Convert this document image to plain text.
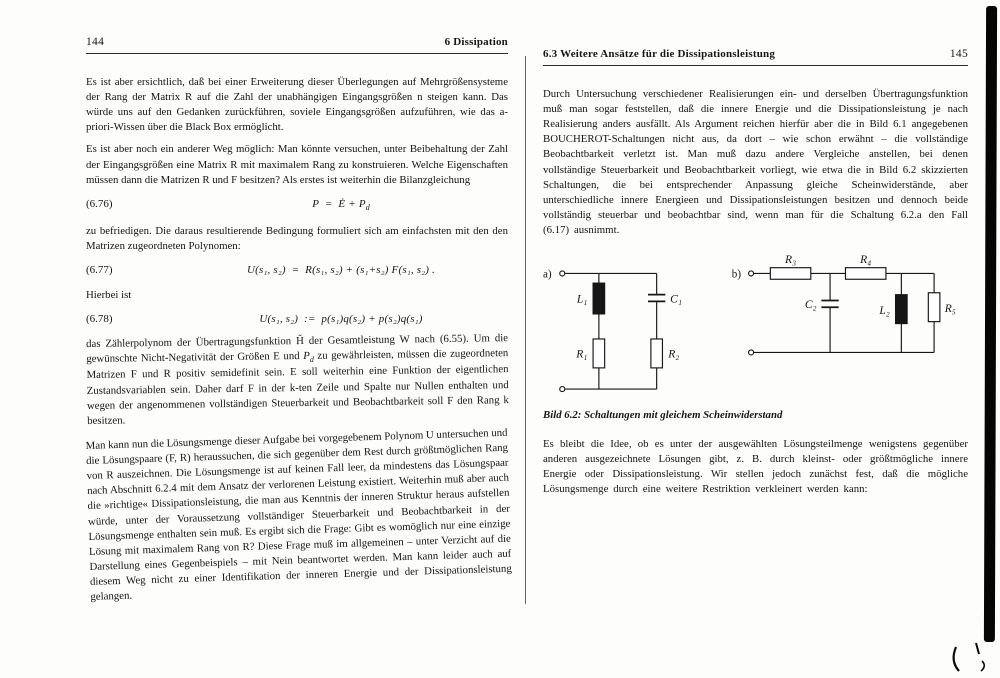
144	6 Dissipation

Es ist aber ersichtlich, daß bei einer Erweiterung dieser Überlegungen auf Mehrgrößensysteme der Rang der Matrix R auf die Zahl der unabhängigen Eingangsgrößen n steigen kann. Das würde uns auf den Gedanken zurückführen, soviele Eingangsgrößen aufzuführen, wie das a-priori-Wissen über die Black Box ermöglicht.

Es ist aber noch ein anderer Weg möglich: Man könnte versuchen, unter Beibehaltung der Zahl der Eingangsgrößen eine Matrix R mit maximalem Rang zu konstruieren. Welche Eigenschaften müssen dann die Matrizen R und F besitzen? Als erstes ist weiterhin die Bilanzgleichung

(6.76)	P  =  Ė + $P_d$

zu befriedigen. Die daraus resultierende Bedingung formuliert sich am einfachsten mit den den Matrizen zugeordneten Polynomen:

(6.77)	U(s₁, s₂)  =  R(s₁, s₂) + (s₁+s₂) F(s₁, s₂) .

Hierbei ist

(6.78)	U(s₁, s₂)  :=  p(s₁)q(s₂) + p(s₂)q(s₁)

das Zählerpolynom der Übertragungsfunktion H̃ der Gesamtleistung W nach (6.55). Um die gewünschte Nicht-Negativität der Größen E und $P_d$ zu gewährleisten, müssen die zugeordneten Matrizen F und R positiv semidefinit sein. E soll weiterhin eine Funktion der eigentlichen Zustandsvariablen sein. Daher darf F in der k-ten Zeile und Spalte nur Nullen enthalten und wegen der angenommenen vollständigen Steuerbarkeit und Beobachtbarkeit soll F den Rang k besitzen.

Man kann nun die Lösungsmenge dieser Aufgabe bei vorgegebenem Polynom U untersuchen und die Lösungspaare (F, R) heraussuchen, die sich gegenüber dem Rest durch größtmöglichen Rang von R auszeichnen. Die Lösungsmenge ist auf keinen Fall leer, da mindestens das Lösungspaar nach Abschnitt 6.2.4 mit dem Ansatz der verlorenen Leistung existiert. Weiterhin muß aber auch die »richtige« Dissipationsleistung, die man aus Kenntnis der inneren Struktur heraus aufstellen würde, unter der Voraussetzung vollständiger Steuerbarkeit und Beobachtbarkeit in der Lösungsmenge enthalten sein muß. Es ergibt sich die Frage: Gibt es womöglich nur eine einzige Lösung mit maximalem Rang von R? Diese Frage muß im allgemeinen – unter Verzicht auf die Darstellung eines Gegenbeispiels – mit Nein beantwortet werden. Man kann leider auch auf diesem Weg nicht zu einer Identifikation der inneren Energie und der Dissipationsleistung gelangen.

6.3 Weitere Ansätze für die Dissipationsleistung	145

Durch Untersuchung verschiedener Realisierungen ein- und derselben Übertragungsfunktion muß man sogar feststellen, daß die innere Energie und die Dissipationsleistung je nach Realisierung anders ausfällt. Als Argument reichen hierfür aber die in Bild 6.1 angegebenen BOUCHEROT-Schaltungen nicht aus, da dort – wie schon erwähnt – die vollständige Beobachtbarkeit verletzt ist. Man muß dazu andere Vergleiche anstellen, bei denen vollständige Steuerbarkeit und Beobachtbarkeit vorliegt, wie etwa die in Bild 6.2 skizzierten Schaltungen, die bei entsprechender Anpassung gleiche Scheinwiderstände, aber unterschiedliche innere Energieen und Dissipationsleistungen besitzen und dennoch beide vollständig steuerbar und beobachtbar sind, wenn man für die Schaltung 6.2.a den Fall (6.17) ausnimmt.

a)
L₁	C₁
R₁	R₂
b)
R₃	R₄
C₂	L₂	R₅
Bild 6.2: Schaltungen mit gleichem Scheinwiderstand

Es bleibt die Idee, ob es unter der ausgewählten Lösungsteilmenge wenigstens gegenüber anderen ausgezeichnete Lösungen gibt, z. B. durch kleinst- oder größtmögliche innere Energie oder Dissipationsleistung. Wir stellen jedoch zunächst fest, daß die mögliche Lösungsmenge durch eine weitere Restriktion verkleinert werden kann:
